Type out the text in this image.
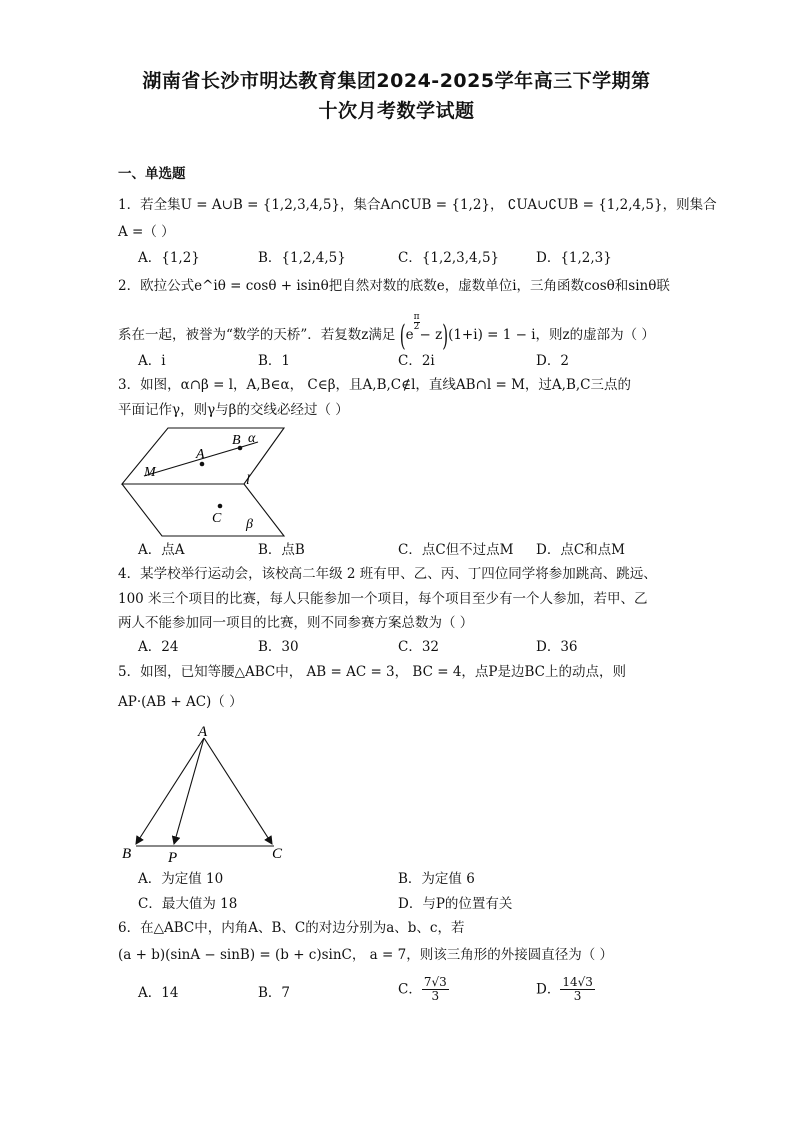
湖南省长沙市明达教育集团2024-2025学年高三下学期第
十次月考数学试题
一、单选题
1．若全集U = A∪B = {1,2,3,4,5}，集合A∩∁UB = {1,2}， ∁UA∪∁UB = {1,2,4,5}，则集合
A =（ ）
A．{1,2}	B．{1,2,4,5}	C．{1,2,3,4,5}	D．{1,2,3}
2．欧拉公式e^iθ = cosθ + isinθ把自然对数的底数e，虚数单位i，三角函数cosθ和sinθ联
系在一起，被誉为“数学的天桥”．若复数z满足 (e
$^{\frac{\pi}{2}}$
− z)(1+i) = 1 − i，则z的虚部为（ ）
A．i	B．1	C．2i	D．2
3．如图，α∩β = l，A,B∈α， C∈β，且A,B,C∉l，直线AB∩l = M，过A,B,C三点的
平面记作γ，则γ与β的交线必经过（ ）
A
B α
M
l
C β
A．点A	B．点B	C．点C但不过点M D．点C和点M
4．某学校举行运动会，该校高二年级 2 班有甲、乙、丙、丁四位同学将参加跳高、跳远、
100 米三个项目的比赛，每人只能参加一个项目，每个项目至少有一个人参加，若甲、乙
两人不能参加同一项目的比赛，则不同参赛方案总数为（ ）
A．24	B．30	C．32	D．36
5．如图，已知等腰△ABC中， AB = AC = 3， BC = 4，点P是边BC上的动点，则
AP·(AB + AC)（ ）
A
B P	C
A．为定值 10	B．为定值 6
C．最大值为 18	D．与P的位置有关
6．在△ABC中，内角A、B、C的对边分别为a、b、c，若
(a + b)(sinA − sinB) = (b + c)sinC， a = 7，则该三角形的外接圆直径为（ ）
A．14	B．7	C． $\frac{7√3}{3}$	D． $\frac{14√3}{3}$
